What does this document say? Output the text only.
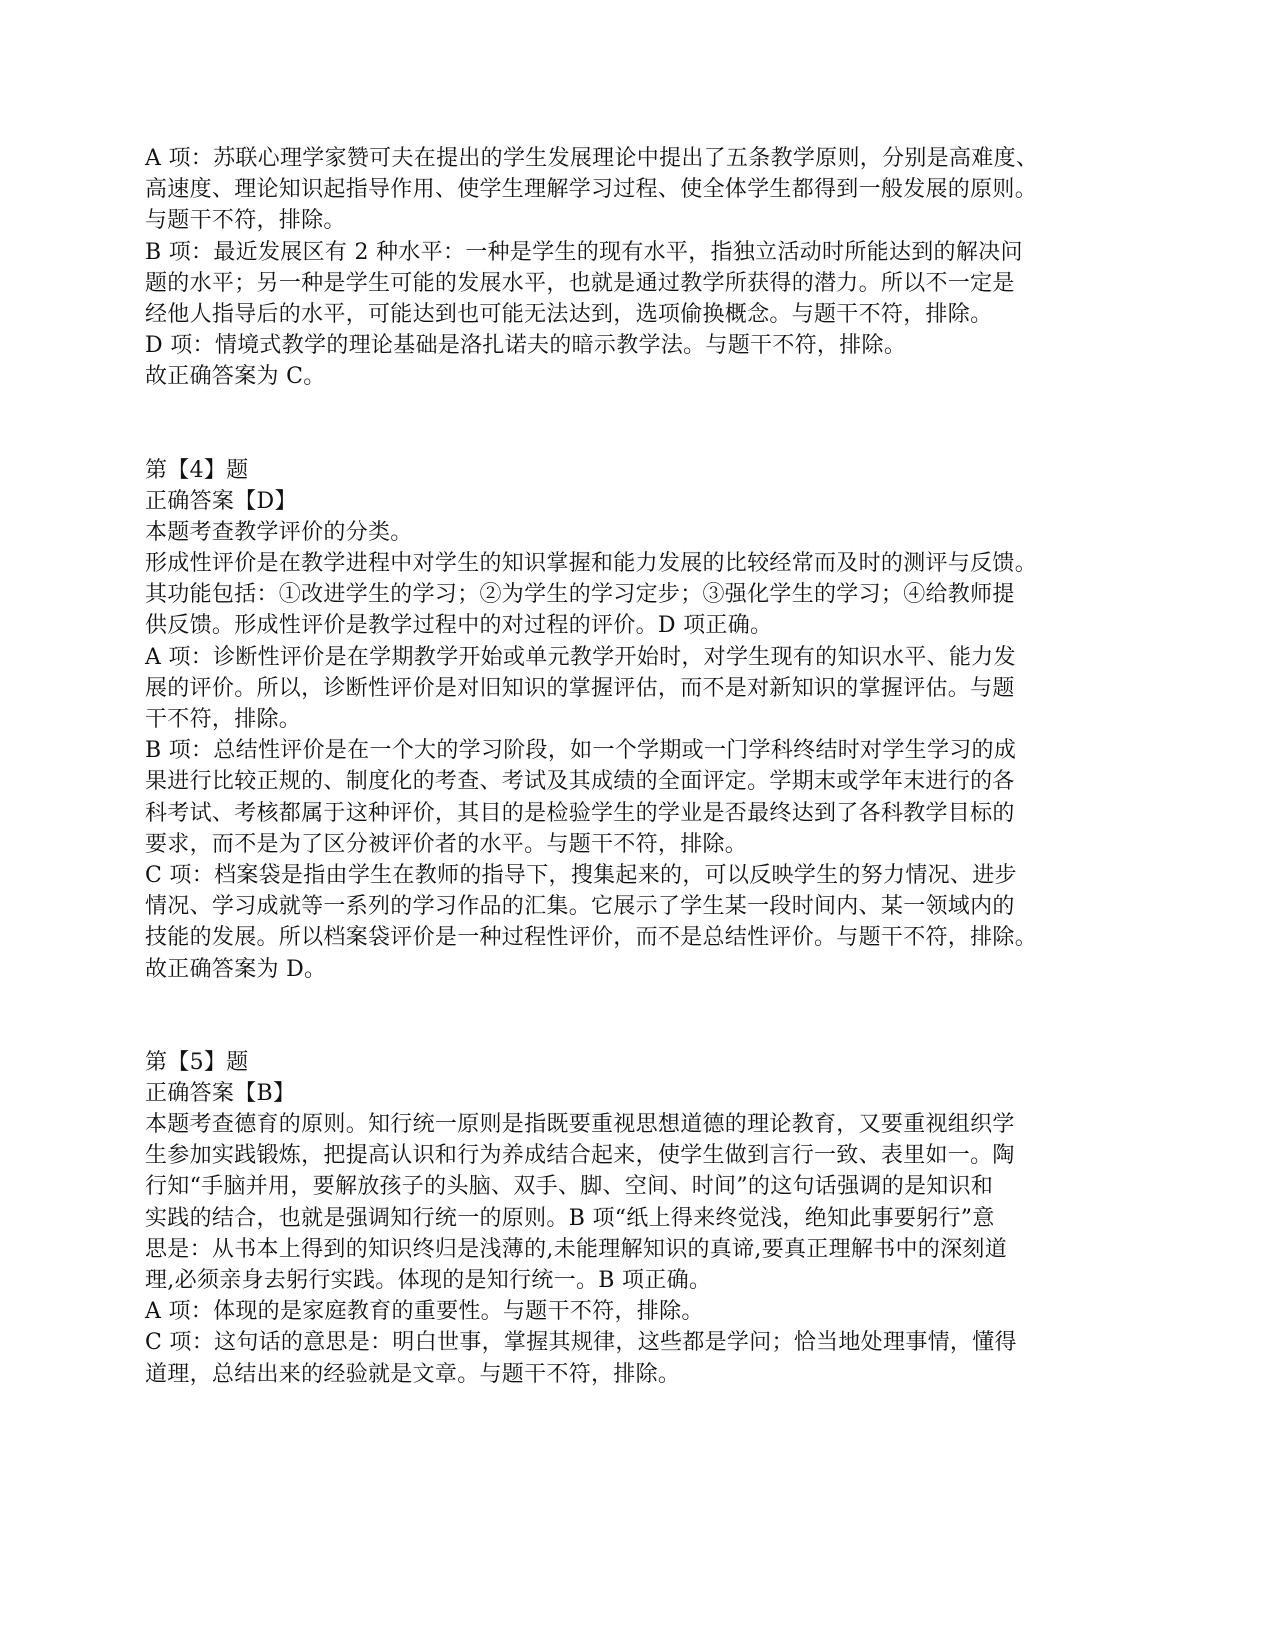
A 项：苏联心理学家赞可夫在提出的学生发展理论中提出了五条教学原则，分别是高难度、
高速度、理论知识起指导作用、使学生理解学习过程、使全体学生都得到一般发展的原则。
与题干不符，排除。
B 项：最近发展区有 2 种水平：一种是学生的现有水平，指独立活动时所能达到的解决问
题的水平；另一种是学生可能的发展水平，也就是通过教学所获得的潜力。所以不一定是
经他人指导后的水平，可能达到也可能无法达到，选项偷换概念。与题干不符，排除。
D 项：情境式教学的理论基础是洛扎诺夫的暗示教学法。与题干不符，排除。
故正确答案为 C。
第【4】题
正确答案【D】
本题考查教学评价的分类。
形成性评价是在教学进程中对学生的知识掌握和能力发展的比较经常而及时的测评与反馈。
其功能包括：①改进学生的学习；②为学生的学习定步；③强化学生的学习；④给教师提
供反馈。形成性评价是教学过程中的对过程的评价。D 项正确。
A 项：诊断性评价是在学期教学开始或单元教学开始时，对学生现有的知识水平、能力发
展的评价。所以，诊断性评价是对旧知识的掌握评估，而不是对新知识的掌握评估。与题
干不符，排除。
B 项：总结性评价是在一个大的学习阶段，如一个学期或一门学科终结时对学生学习的成
果进行比较正规的、制度化的考查、考试及其成绩的全面评定。学期末或学年末进行的各
科考试、考核都属于这种评价，其目的是检验学生的学业是否最终达到了各科教学目标的
要求，而不是为了区分被评价者的水平。与题干不符，排除。
C 项：档案袋是指由学生在教师的指导下，搜集起来的，可以反映学生的努力情况、进步
情况、学习成就等一系列的学习作品的汇集。它展示了学生某一段时间内、某一领域内的
技能的发展。所以档案袋评价是一种过程性评价，而不是总结性评价。与题干不符，排除。
故正确答案为 D。
第【5】题
正确答案【B】
本题考查德育的原则。知行统一原则是指既要重视思想道德的理论教育，又要重视组织学
生参加实践锻炼，把提高认识和行为养成结合起来，使学生做到言行一致、表里如一。陶
行知“手脑并用，要解放孩子的头脑、双手、脚、空间、时间”的这句话强调的是知识和
实践的结合，也就是强调知行统一的原则。B 项“纸上得来终觉浅，绝知此事要躬行”意
思是：从书本上得到的知识终归是浅薄的,未能理解知识的真谛,要真正理解书中的深刻道
理,必须亲身去躬行实践。体现的是知行统一。B 项正确。
A 项：体现的是家庭教育的重要性。与题干不符，排除。
C 项：这句话的意思是：明白世事，掌握其规律，这些都是学问；恰当地处理事情，懂得
道理，总结出来的经验就是文章。与题干不符，排除。
